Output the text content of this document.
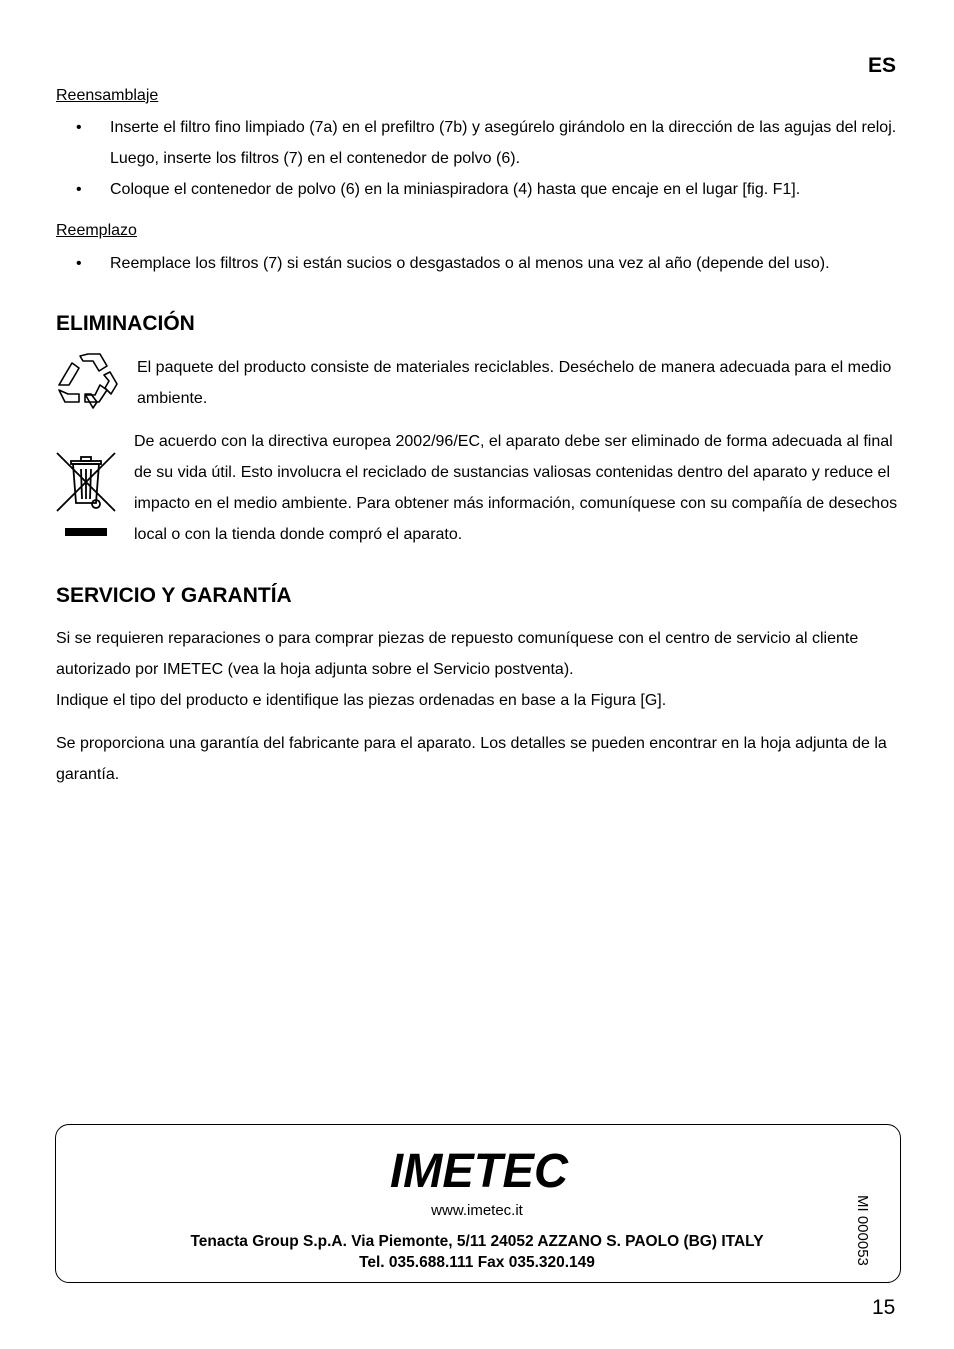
ES
Reensamblaje
• Inserte el filtro fino limpiado (7a) en el prefiltro (7b) y asegúrelo girándolo en la dirección de las agujas del reloj. Luego, inserte los filtros (7) en el contenedor de polvo (6).
• Coloque el contenedor de polvo (6) en la miniaspiradora (4) hasta que encaje en el lugar [fig. F1].
Reemplazo
• Reemplace los filtros (7) si están sucios o desgastados o al menos una vez al año (depende del uso).
ELIMINACIÓN
El paquete del producto consiste de materiales reciclables. Deséchelo de manera adecuada para el medio ambiente.
De acuerdo con la directiva europea 2002/96/EC, el aparato debe ser eliminado de forma adecuada al final de su vida útil. Esto involucra el reciclado de sustancias valiosas contenidas dentro del aparato y reduce el impacto en el medio ambiente. Para obtener más información, comuníquese con su compañía de desechos local o con la tienda donde compró el aparato.
SERVICIO Y GARANTÍA
Si se requieren reparaciones o para comprar piezas de repuesto comuníquese con el centro de servicio al cliente autorizado por IMETEC (vea la hoja adjunta sobre el Servicio postventa).
Indique el tipo del producto e identifique las piezas ordenadas en base a la Figura [G].
Se proporciona una garantía del fabricante para el aparato. Los detalles se pueden encontrar en la hoja adjunta de la garantía.
IMETEC
www.imetec.it
Tenacta Group S.p.A. Via Piemonte, 5/11 24052 AZZANO S. PAOLO (BG) ITALY
Tel. 035.688.111 Fax 035.320.149	MI 000053
15
